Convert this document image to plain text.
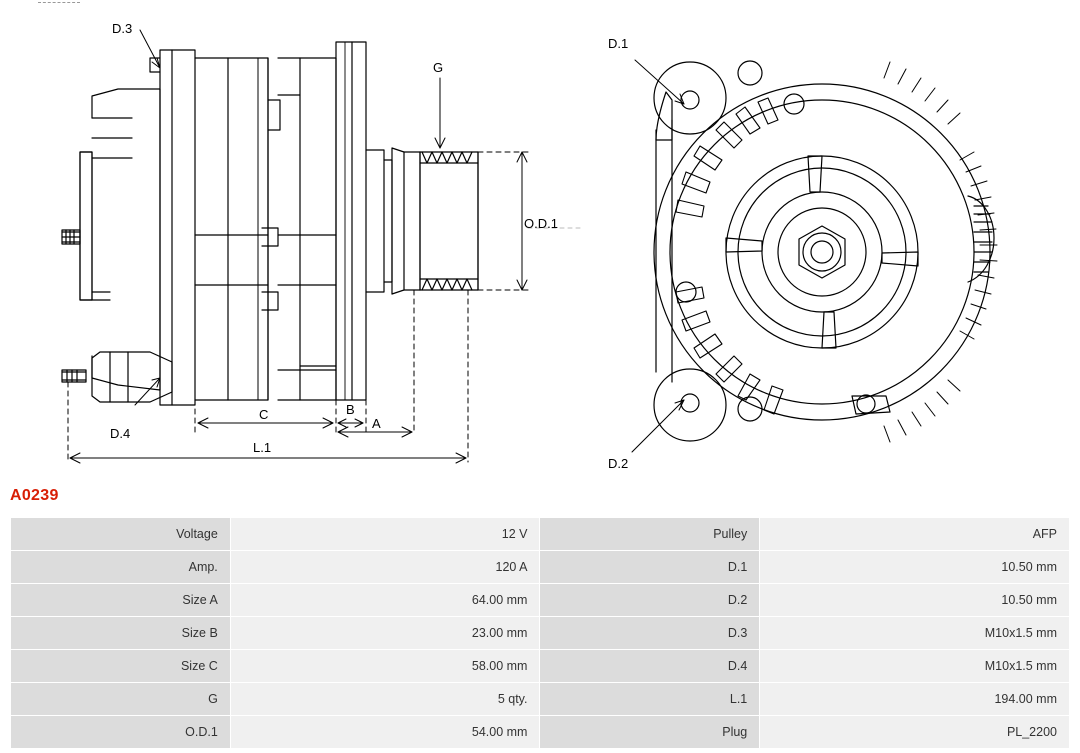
D.3
D.4
G
O.D.1
A
B
C
L.1
D.1
D.2
A0239
Voltage	12 V	Pulley	AFP
Amp.	120 A	D.1	10.50 mm
Size A	64.00 mm	D.2	10.50 mm
Size B	23.00 mm	D.3	M10x1.5 mm
Size C	58.00 mm	D.4	M10x1.5 mm
G	5 qty.	L.1	194.00 mm
O.D.1	54.00 mm	Plug	PL_2200
